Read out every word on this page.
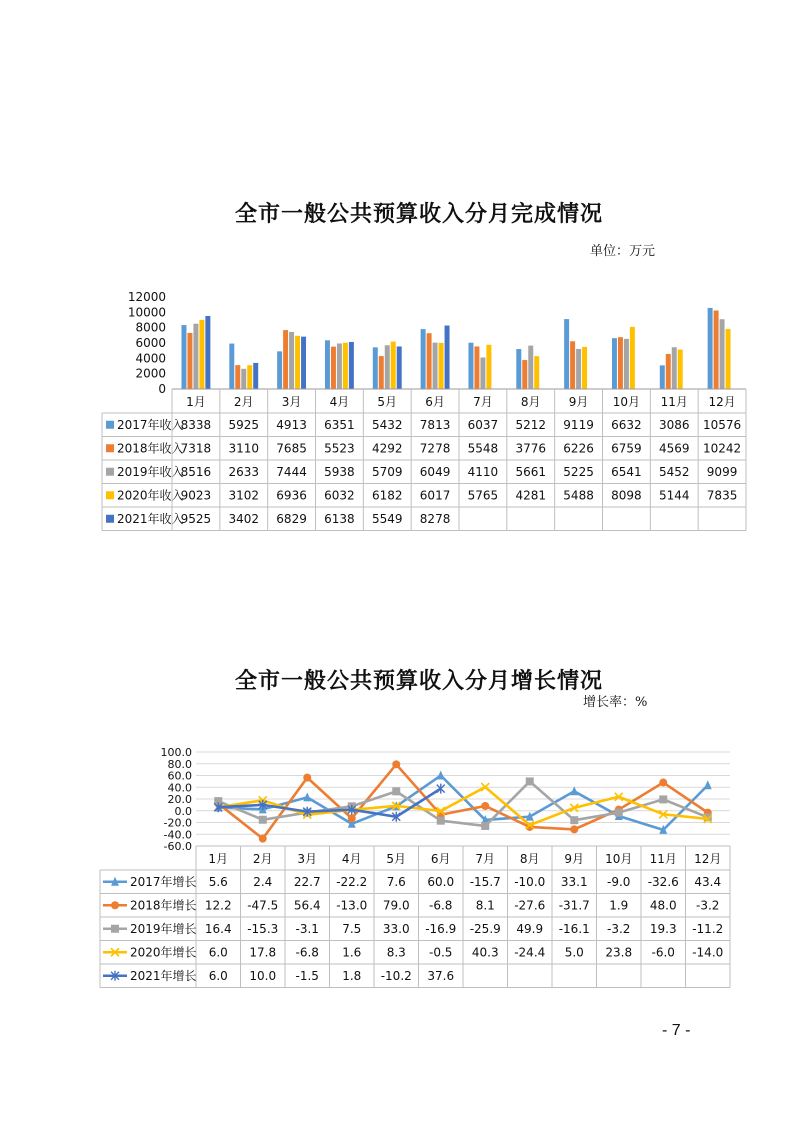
全市一般公共预算收入分月完成情况
单位：万元
12000
10000
8000
6000
4000
2000
0
1月 2月 3月 4月 5月 6月 7月 8月 9月 10月 11月 12月
2017年收入
8338 5925 4913 6351 5432 7813 6037 5212 9119 6632 3086 10576
2018年收入
7318 3110 7685 5523 4292 7278 5548 3776 6226 6759 4569 10242
2019年收入
8516 2633 7444 5938 5709 6049 4110 5661 5225 6541 5452 9099
2020年收入
9023 3102 6936 6032 6182 6017 5765 4281 5488 8098 5144 7835
2021年收入
9525 3402 6829 6138 5549 8278
全市一般公共预算收入分月增长情况
增长率：%
100.0
80.0
60.0
40.0
20.0
0.0
-20.0
-40.0
-60.0
1月 2月 3月 4月 5月 6月 7月 8月 9月 10月 11月 12月
2017年增长 5.6 2.4 22.7 -22.2 7.6 60.0 -15.7 -10.0 33.1 -9.0 -32.6 43.4
2018年增长 12.2 -47.5 56.4 -13.0 79.0 -6.8 8.1 -27.6 -31.7 1.9 48.0 -3.2
2019年增长 16.4 -15.3 -3.1 7.5 33.0 -16.9 -25.9 49.9 -16.1 -3.2 19.3 -11.2
2020年增长 6.0 17.8 -6.8 1.6 8.3 -0.5 40.3 -24.4 5.0 23.8 -6.0 -14.0
2021年增长 6.0 10.0 -1.5 1.8 -10.2 37.6
- 7 -
